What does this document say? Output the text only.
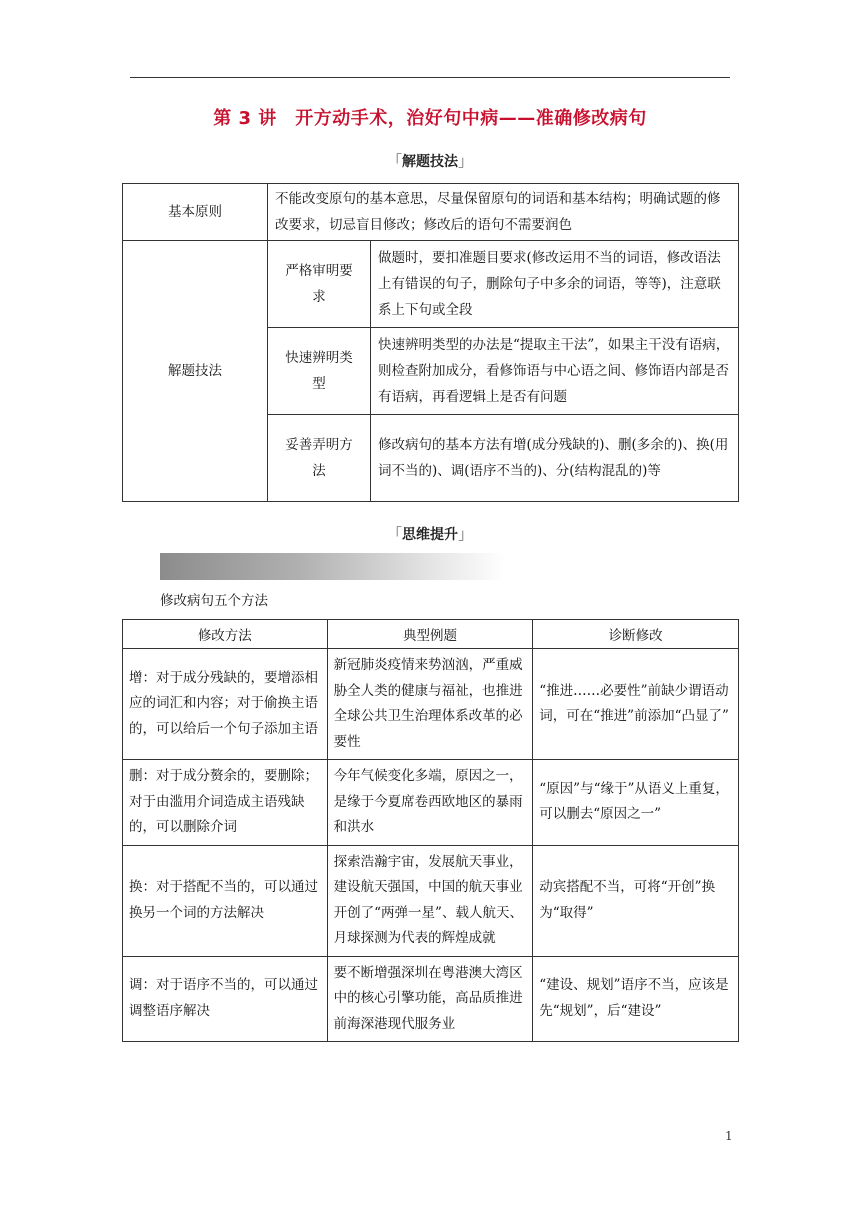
第 3 讲　开方动手术，治好句中病——准确修改病句
「解题技法」
基本原则	不能改变原句的基本意思，尽量保留原句的词语和基本结构；明确试题的修改要求，切忌盲目修改；修改后的语句不需要润色	
解题技法	严格审明要求	做题时，要扣准题目要求(修改运用不当的词语，修改语法上有错误的句子，删除句子中多余的词语，等等)，注意联系上下句或全段
	快速辨明类型	快速辨明类型的办法是“提取主干法”，如果主干没有语病，则检查附加成分，看修饰语与中心语之间、修饰语内部是否有语病，再看逻辑上是否有问题
	妥善弄明方法	修改病句的基本方法有增(成分残缺的)、删(多余的)、换(用词不当的)、调(语序不当的)、分(结构混乱的)等
「思维提升」
修改病句五个方法
修改方法	典型例题	诊断修改
增：对于成分残缺的，要增添相应的词汇和内容；对于偷换主语的，可以给后一个句子添加主语	新冠肺炎疫情来势汹汹，严重威胁全人类的健康与福祉，也推进全球公共卫生治理体系改革的必要性	“推进……必要性”前缺少谓语动词，可在“推进”前添加“凸显了”
删：对于成分赘余的，要删除；对于由滥用介词造成主语残缺的，可以删除介词	今年气候变化多端，原因之一，是缘于今夏席卷西欧地区的暴雨和洪水	“原因”与“缘于”从语义上重复，可以删去“原因之一”
换：对于搭配不当的，可以通过换另一个词的方法解决	探索浩瀚宇宙，发展航天事业，建设航天强国，中国的航天事业开创了“两弹一星”、载人航天、月球探测为代表的辉煌成就	动宾搭配不当，可将“开创”换为“取得”
调：对于语序不当的，可以通过调整语序解决	要不断增强深圳在粤港澳大湾区中的核心引擎功能，高品质推进前海深港现代服务业	“建设、规划”语序不当，应该是先“规划”，后“建设”
1
